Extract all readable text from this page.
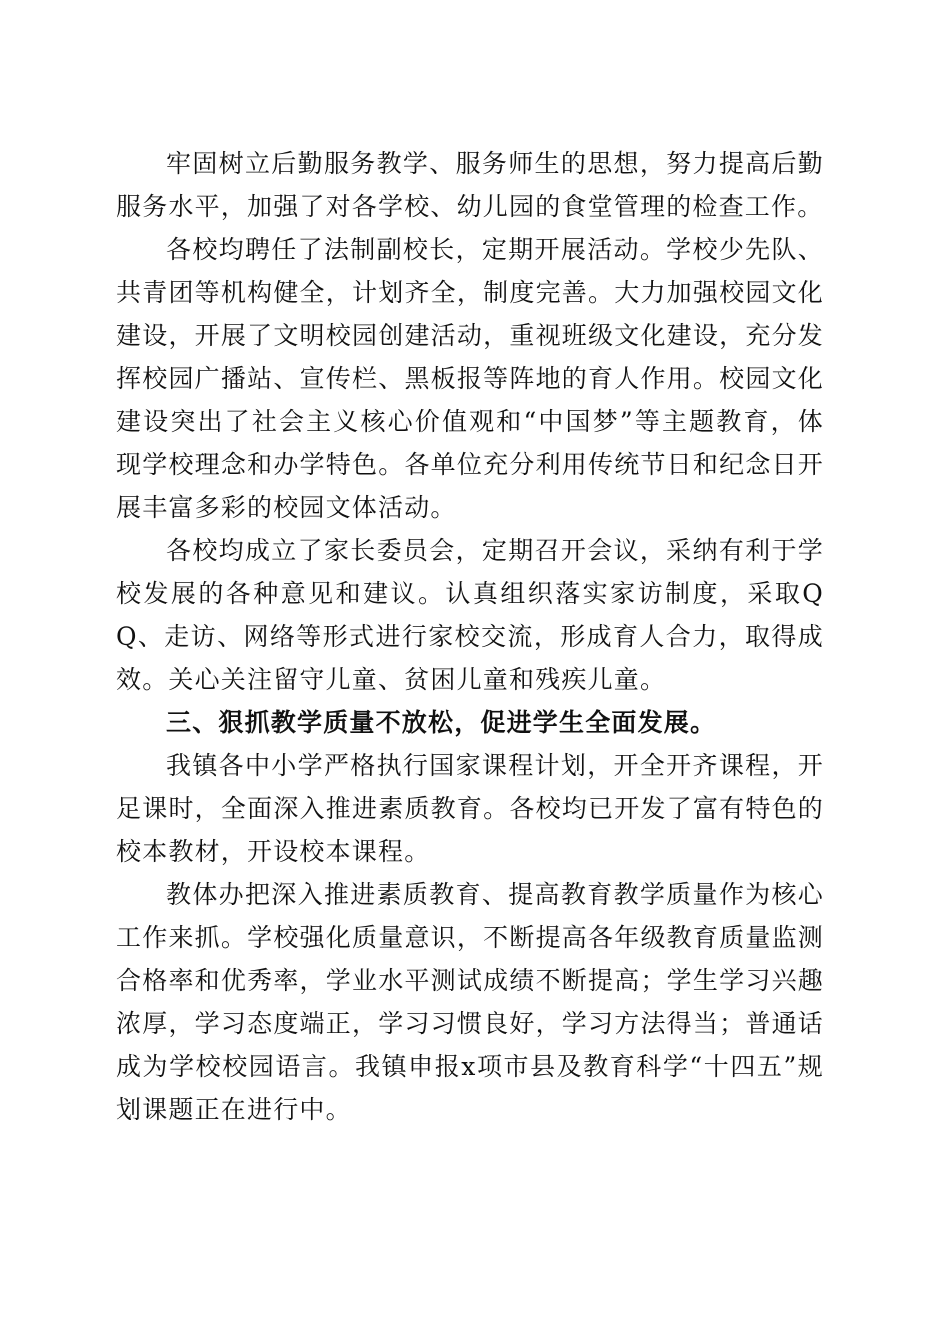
牢固树立后勤服务教学、服务师生的思想，努力提高后勤服务水平，加强了对各学校、幼儿园的食堂管理的检查工作。

各校均聘任了法制副校长，定期开展活动。学校少先队、共青团等机构健全，计划齐全，制度完善。大力加强校园文化建设，开展了文明校园创建活动，重视班级文化建设，充分发挥校园广播站、宣传栏、黑板报等阵地的育人作用。校园文化建设突出了社会主义核心价值观和“中国梦”等主题教育，体现学校理念和办学特色。各单位充分利用传统节日和纪念日开展丰富多彩的校园文体活动。

各校均成立了家长委员会，定期召开会议，采纳有利于学校发展的各种意见和建议。认真组织落实家访制度，采取QQ、走访、网络等形式进行家校交流，形成育人合力，取得成效。关心关注留守儿童、贫困儿童和残疾儿童。

三、狠抓教学质量不放松，促进学生全面发展。

我镇各中小学严格执行国家课程计划，开全开齐课程，开足课时，全面深入推进素质教育。各校均已开发了富有特色的校本教材，开设校本课程。

教体办把深入推进素质教育、提高教育教学质量作为核心工作来抓。学校强化质量意识，不断提高各年级教育质量监测合格率和优秀率，学业水平测试成绩不断提高；学生学习兴趣浓厚，学习态度端正，学习习惯良好，学习方法得当；普通话成为学校校园语言。我镇申报x项市县及教育科学“十四五”规划课题正在进行中。
